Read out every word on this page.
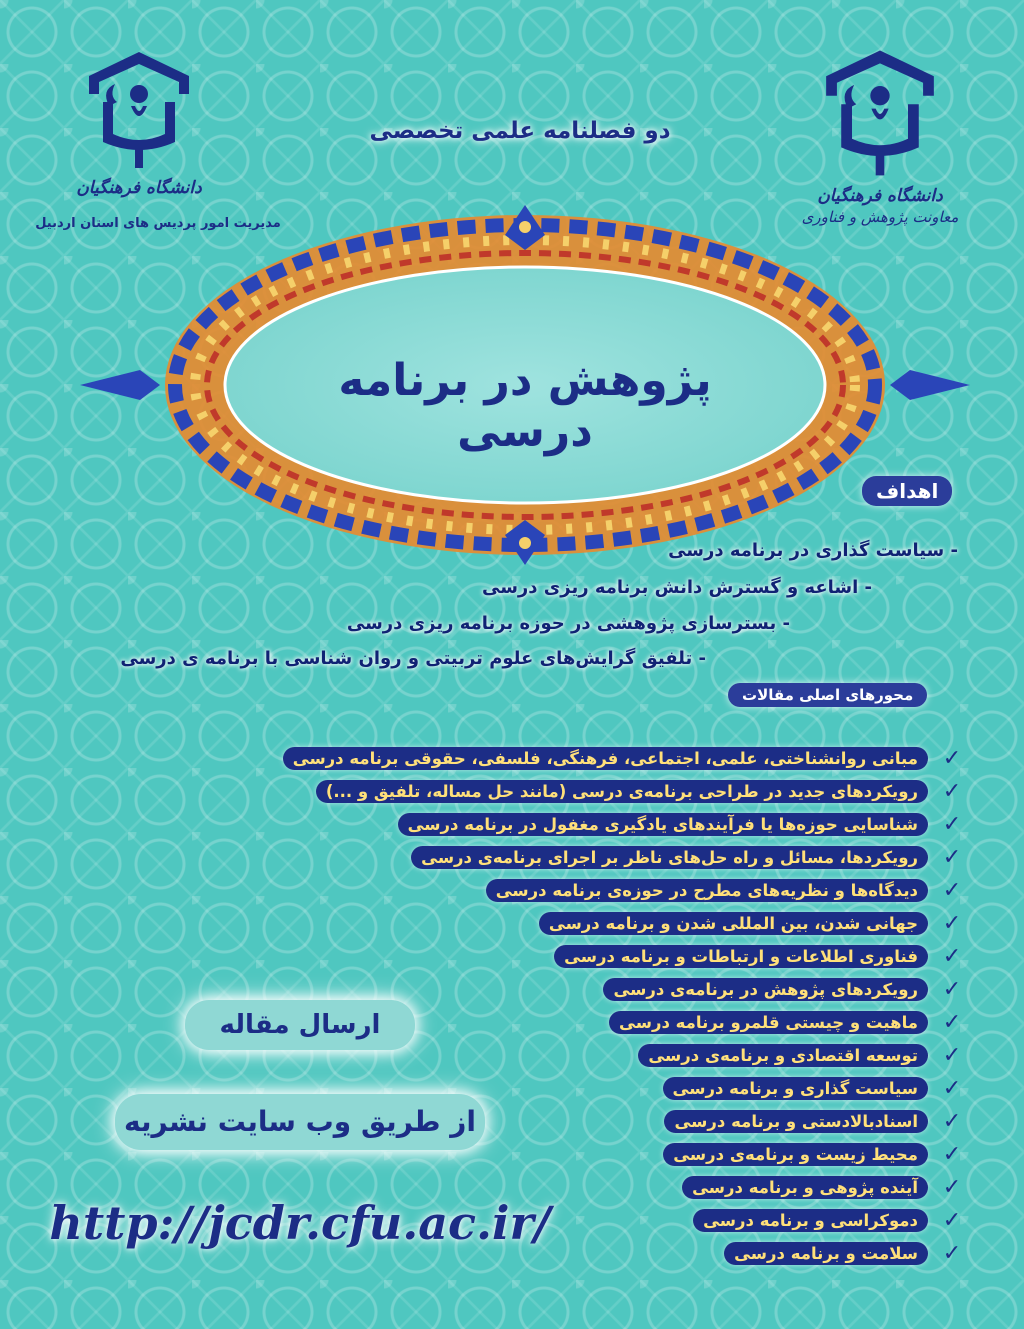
دانشگاه فرهنگیان
مدیریت امور پردیس های استان اردبیل
دانشگاه فرهنگیان
معاونت پژوهش و فناوری
دو فصلنامه علمی تخصصی
پژوهش در برنامه درسی
اهداف
- سیاست گذاری در برنامه درسی
- اشاعه و گسترش دانش برنامه ریزی درسی
- بسترسازی پژوهشی در حوزه برنامه ریزی درسی
- تلفیق گرایش‌های علوم تربیتی و روان شناسی با برنامه ی درسی
محورهای اصلی مقالات
✓
مبانی روانشناختی، علمی، اجتماعی، فرهنگی، فلسفی، حقوقی برنامه درسی
✓
رویکردهای جدید در طراحی برنامه‌ی درسی (مانند حل مساله، تلفیق و ...)
✓
شناسایی حوزه‌ها یا فرآیندهای یادگیری مغفول در برنامه درسی
✓
رویکردها، مسائل و راه حل‌های ناظر بر اجرای برنامه‌ی درسی
✓
دیدگاه‌ها و نظریه‌های مطرح در حوزه‌ی برنامه درسی
✓
جهانی شدن، بین المللی شدن و برنامه درسی
✓
فناوری اطلاعات و ارتباطات و برنامه درسی
✓
رویکردهای پژوهش در برنامه‌ی درسی
✓
ماهیت و چیستی قلمرو برنامه درسی
✓
توسعه اقتصادی و برنامه‌ی درسی
✓
سیاست گذاری و برنامه درسی
✓
اسنادبالادستی و برنامه درسی
✓
محیط زیست و برنامه‌ی درسی
✓
آینده پژوهی و برنامه درسی
✓
دموکراسی و برنامه درسی
✓
سلامت و برنامه درسی
ارسال مقاله
از طریق وب سایت نشریه
http://jcdr.cfu.ac.ir/
